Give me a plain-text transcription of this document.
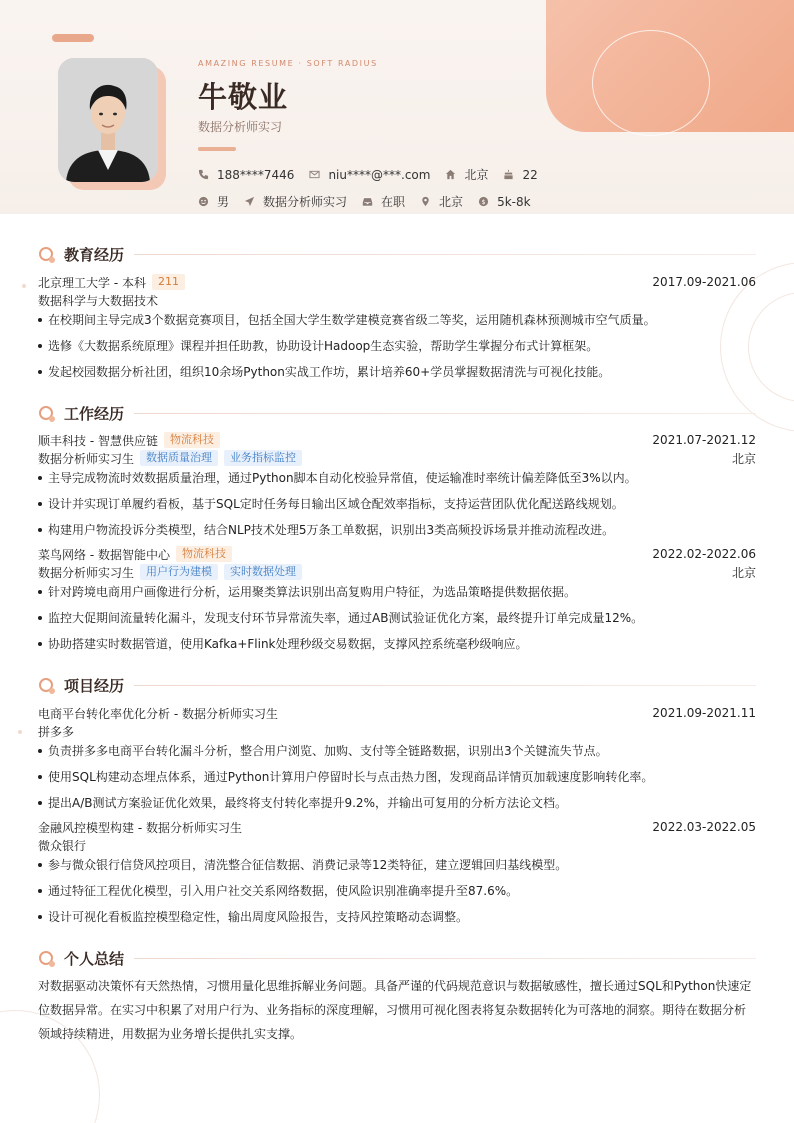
AMAZING RESUME · SOFT RADIUS
牛敬业
数据分析师实习
188****7446	niu****@***.com	北京	22
男	数据分析师实习	在职	北京	$ 5k-8k
教育经历
北京理工大学 - 本科	211	2017.09-2021.06
数据科学与大数据技术
在校期间主导完成3个数据竞赛项目，包括全国大学生数学建模竞赛省级二等奖，运用随机森林预测城市空气质量。
选修《大数据系统原理》课程并担任助教，协助设计Hadoop生态实验，帮助学生掌握分布式计算框架。
发起校园数据分析社团，组织10余场Python实战工作坊，累计培养60+学员掌握数据清洗与可视化技能。
工作经历
顺丰科技 - 智慧供应链	物流科技	2021.07-2021.12
数据分析师实习生	数据质量治理	业务指标监控	北京
主导完成物流时效数据质量治理，通过Python脚本自动化校验异常值，使运输准时率统计偏差降低至3%以内。
设计并实现订单履约看板，基于SQL定时任务每日输出区域仓配效率指标，支持运营团队优化配送路线规划。
构建用户物流投诉分类模型，结合NLP技术处理5万条工单数据，识别出3类高频投诉场景并推动流程改进。
菜鸟网络 - 数据智能中心	物流科技	2022.02-2022.06
数据分析师实习生	用户行为建模	实时数据处理	北京
针对跨境电商用户画像进行分析，运用聚类算法识别出高复购用户特征，为选品策略提供数据依据。
监控大促期间流量转化漏斗，发现支付环节异常流失率，通过AB测试验证优化方案，最终提升订单完成量12%。
协助搭建实时数据管道，使用Kafka+Flink处理秒级交易数据，支撑风控系统毫秒级响应。
项目经历
电商平台转化率优化分析 - 数据分析师实习生	2021.09-2021.11
拼多多
负责拼多多电商平台转化漏斗分析，整合用户浏览、加购、支付等全链路数据，识别出3个关键流失节点。
使用SQL构建动态埋点体系，通过Python计算用户停留时长与点击热力图，发现商品详情页加载速度影响转化率。
提出A/B测试方案验证优化效果，最终将支付转化率提升9.2%，并输出可复用的分析方法论文档。
金融风控模型构建 - 数据分析师实习生	2022.03-2022.05
微众银行
参与微众银行信贷风控项目，清洗整合征信数据、消费记录等12类特征，建立逻辑回归基线模型。
通过特征工程优化模型，引入用户社交关系网络数据，使风险识别准确率提升至87.6%。
设计可视化看板监控模型稳定性，输出周度风险报告，支持风控策略动态调整。
个人总结
对数据驱动决策怀有天然热情，习惯用量化思维拆解业务问题。具备严谨的代码规范意识与数据敏感性，擅长通过SQL和Python快速定位数据异常。在实习中积累了对用户行为、业务指标的深度理解，习惯用可视化图表将复杂数据转化为可落地的洞察。期待在数据分析领域持续精进，用数据为业务增长提供扎实支撑。
